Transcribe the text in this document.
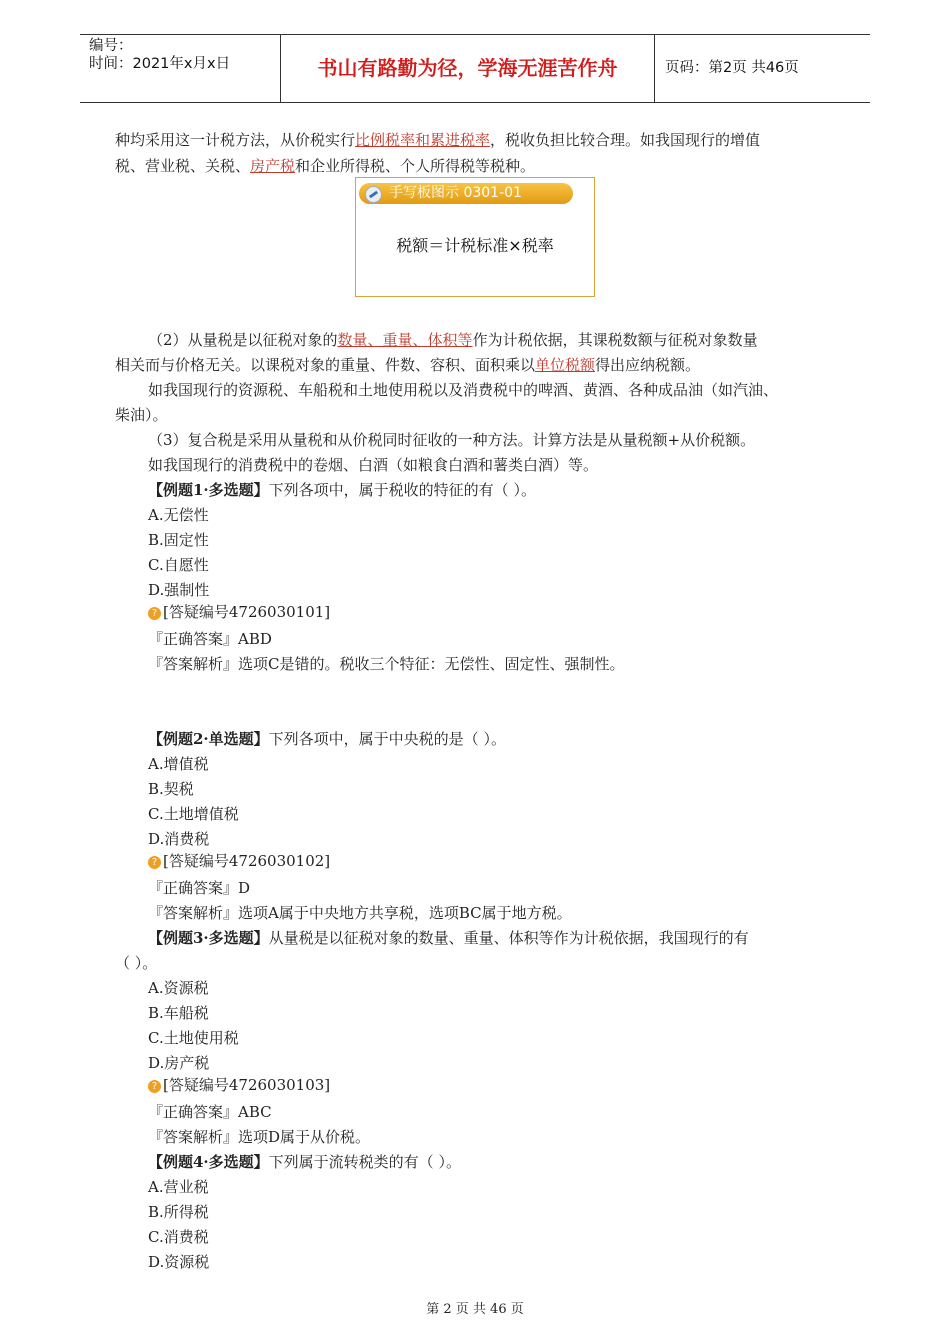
编号：
时间：2021年x月x日	书山有路勤为径，学海无涯苦作舟	页码：第2页 共46页
种均采用这一计税方法，从价税实行比例税率和累进税率，税收负担比较合理。如我国现行的增值
税、营业税、关税、房产税和企业所得税、个人所得税等税种。
手写板图示 0301-01
税额＝计税标准×税率
（2）从量税是以征税对象的数量、重量、体积等作为计税依据，其课税数额与征税对象数量
相关而与价格无关。以课税对象的重量、件数、容积、面积乘以单位税额得出应纳税额。
如我国现行的资源税、车船税和土地使用税以及消费税中的啤酒、黄酒、各种成品油（如汽油、
柴油）。
（3）复合税是采用从量税和从价税同时征收的一种方法。计算方法是从量税额+从价税额。
如我国现行的消费税中的卷烟、白酒（如粮食白酒和薯类白酒）等。
【例题1·多选题】下列各项中，属于税收的特征的有（ ）。
A.无偿性
B.固定性
C.自愿性
D.强制性
? [答疑编号4726030101]
『正确答案』ABD
『答案解析』选项C是错的。税收三个特征：无偿性、固定性、强制性。
【例题2·单选题】下列各项中，属于中央税的是（ ）。
A.增值税
B.契税
C.土地增值税
D.消费税
? [答疑编号4726030102]
『正确答案』D
『答案解析』选项A属于中央地方共享税，选项BC属于地方税。
【例题3·多选题】从量税是以征税对象的数量、重量、体积等作为计税依据，我国现行的有
（ ）。
A.资源税
B.车船税
C.土地使用税
D.房产税
? [答疑编号4726030103]
『正确答案』ABC
『答案解析』选项D属于从价税。
【例题4·多选题】下列属于流转税类的有（ ）。
A.营业税
B.所得税
C.消费税
D.资源税
第 2 页 共 46 页
